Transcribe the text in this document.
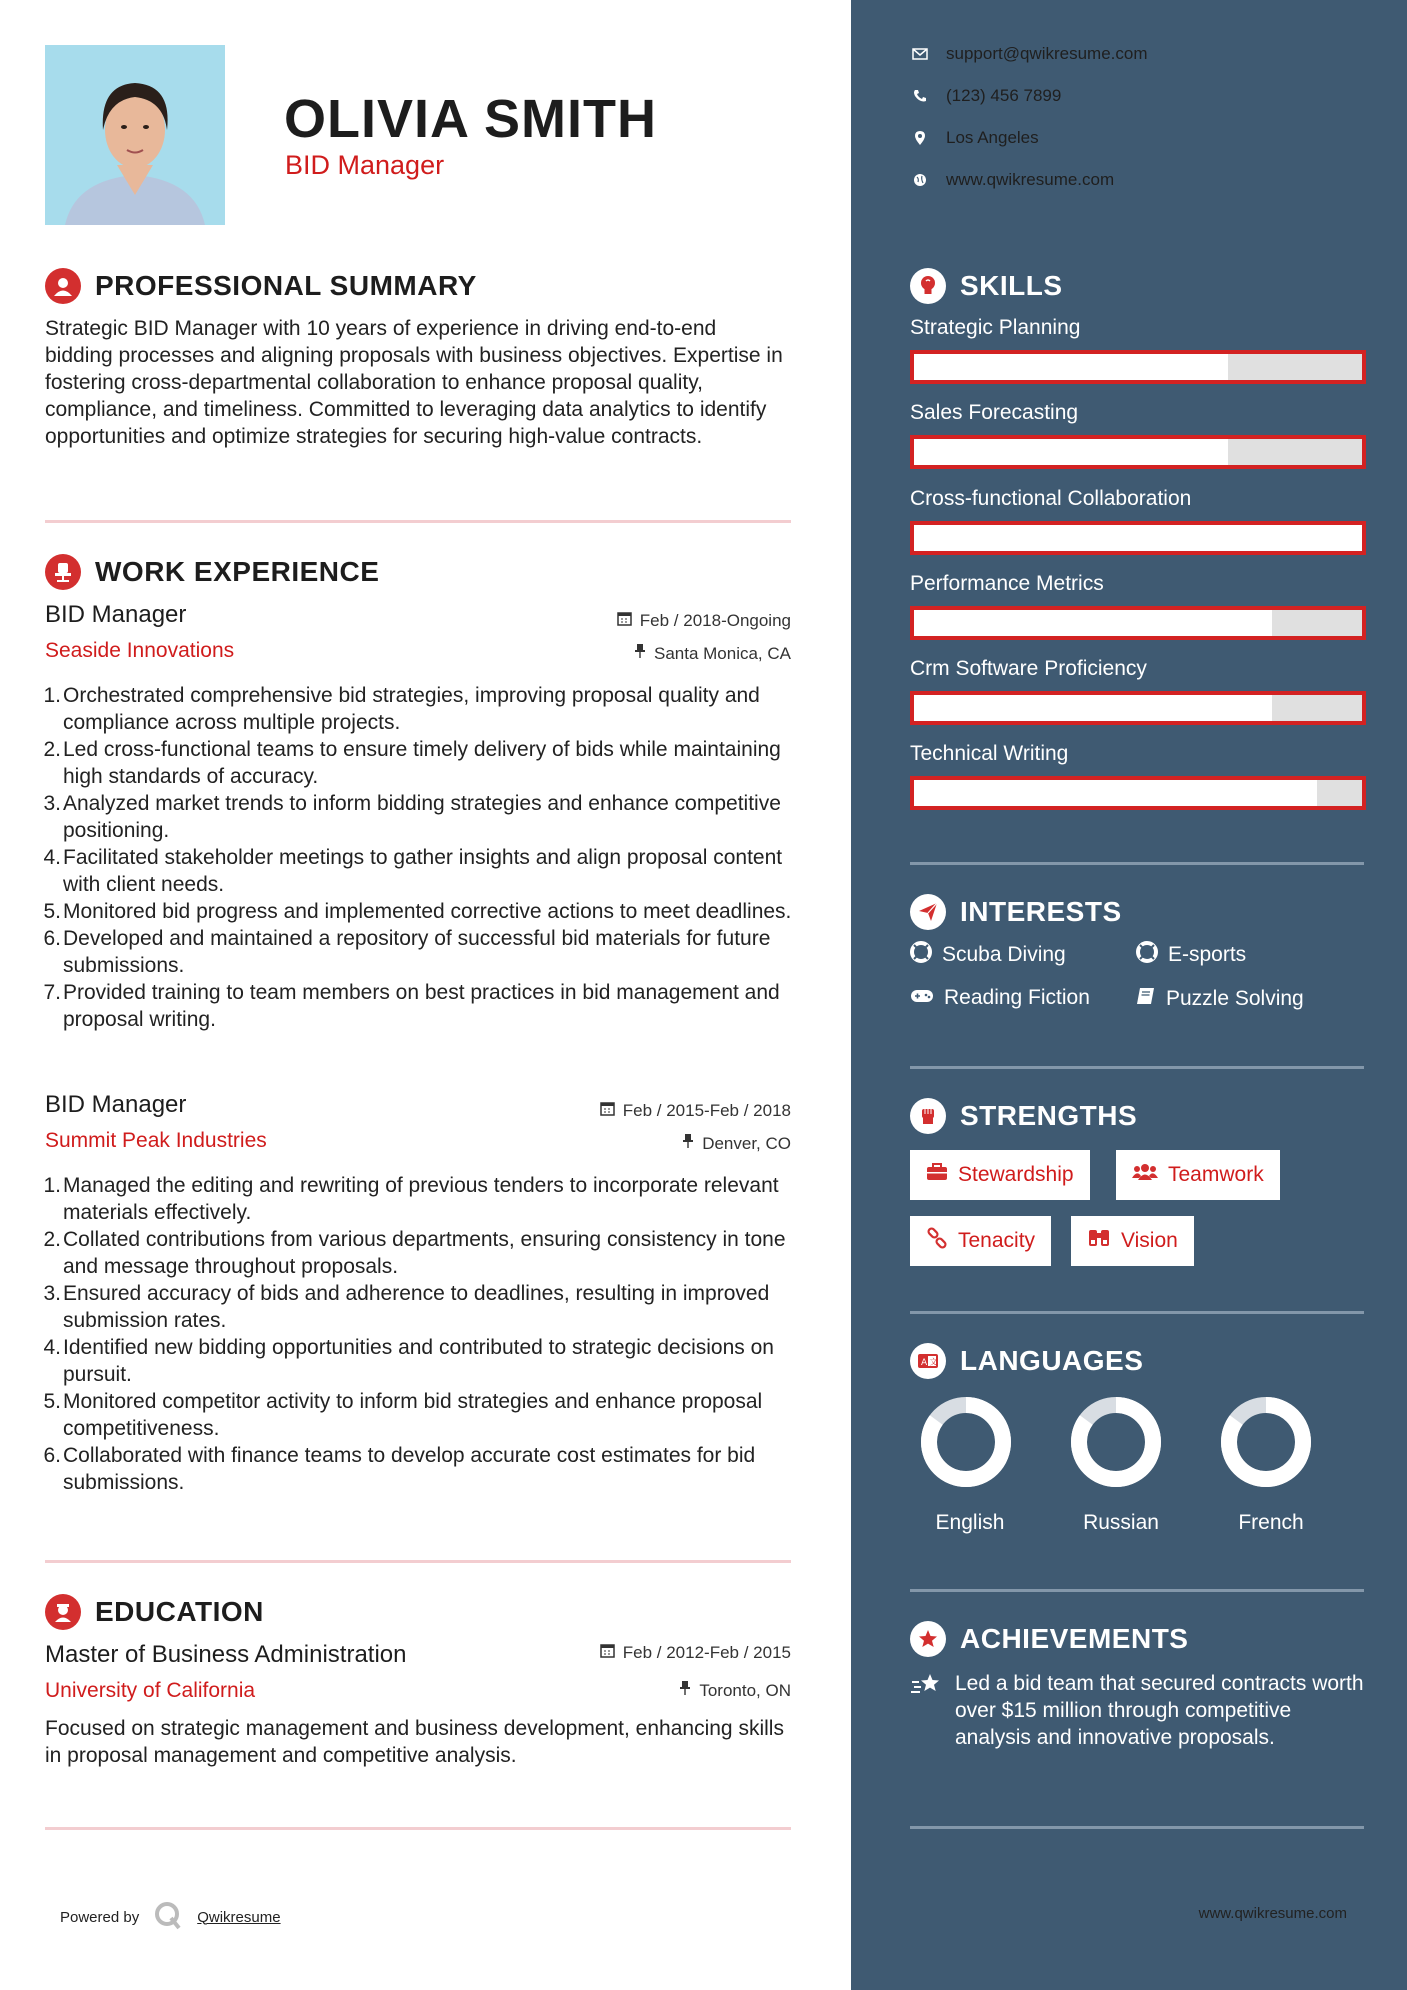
OLIVIA SMITH
BID Manager
PROFESSIONAL SUMMARY
Strategic BID Manager with 10 years of experience in driving end-to-end bidding processes and aligning proposals with business objectives. Expertise in fostering cross-departmental collaboration to enhance proposal quality, compliance, and timeliness. Committed to leveraging data analytics to identify opportunities and optimize strategies for securing high-value contracts.
WORK EXPERIENCE
BID Manager
Seaside Innovations
Feb / 2018-Ongoing
Santa Monica, CA
1. Orchestrated comprehensive bid strategies, improving proposal quality and compliance across multiple projects.
2. Led cross-functional teams to ensure timely delivery of bids while maintaining high standards of accuracy.
3. Analyzed market trends to inform bidding strategies and enhance competitive positioning.
4. Facilitated stakeholder meetings to gather insights and align proposal content with client needs.
5. Monitored bid progress and implemented corrective actions to meet deadlines.
6. Developed and maintained a repository of successful bid materials for future submissions.
7. Provided training to team members on best practices in bid management and proposal writing.
BID Manager
Summit Peak Industries
Feb / 2015-Feb / 2018
Denver, CO
1. Managed the editing and rewriting of previous tenders to incorporate relevant materials effectively.
2. Collated contributions from various departments, ensuring consistency in tone and message throughout proposals.
3. Ensured accuracy of bids and adherence to deadlines, resulting in improved submission rates.
4. Identified new bidding opportunities and contributed to strategic decisions on pursuit.
5. Monitored competitor activity to inform bid strategies and enhance proposal competitiveness.
6. Collaborated with finance teams to develop accurate cost estimates for bid submissions.
EDUCATION
Master of Business Administration
University of California
Feb / 2012-Feb / 2015
Toronto, ON
Focused on strategic management and business development, enhancing skills in proposal management and competitive analysis.
Powered by	Qwikresume
support@qwikresume.com
(123) 456 7899
Los Angeles
www.qwikresume.com
SKILLS
Strategic Planning
Sales Forecasting
Cross-functional Collaboration
Performance Metrics
Crm Software Proficiency
Technical Writing
INTERESTS
Scuba Diving	E-sports
Reading Fiction	Puzzle Solving
STRENGTHS
Stewardship	Teamwork
Tenacity	Vision
A 文 LANGUAGES
English	Russian	French
ACHIEVEMENTS
Led a bid team that secured contracts worth over $15 million through competitive analysis and innovative proposals.
www.qwikresume.com
